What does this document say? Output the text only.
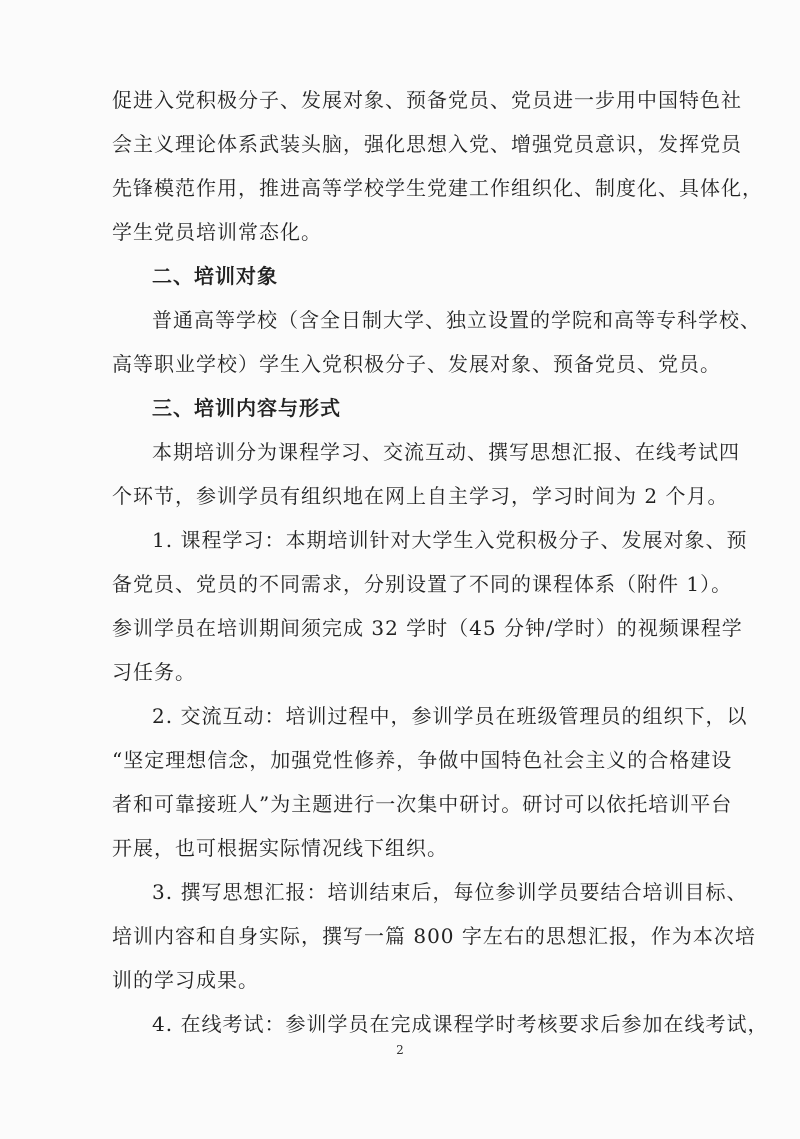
促进入党积极分子、发展对象、预备党员、党员进一步用中国特色社
会主义理论体系武装头脑，强化思想入党、增强党员意识，发挥党员
先锋模范作用，推进高等学校学生党建工作组织化、制度化、具体化，
学生党员培训常态化。
二、培训对象
普通高等学校（含全日制大学、独立设置的学院和高等专科学校、
高等职业学校）学生入党积极分子、发展对象、预备党员、党员。
三、培训内容与形式
本期培训分为课程学习、交流互动、撰写思想汇报、在线考试四
个环节，参训学员有组织地在网上自主学习，学习时间为 2 个月。
1. 课程学习：本期培训针对大学生入党积极分子、发展对象、预
备党员、党员的不同需求，分别设置了不同的课程体系（附件 1）。
参训学员在培训期间须完成 32 学时（45 分钟/学时）的视频课程学
习任务。
2. 交流互动：培训过程中，参训学员在班级管理员的组织下，以
“坚定理想信念，加强党性修养，争做中国特色社会主义的合格建设
者和可靠接班人”为主题进行一次集中研讨。研讨可以依托培训平台
开展，也可根据实际情况线下组织。
3. 撰写思想汇报：培训结束后，每位参训学员要结合培训目标、
培训内容和自身实际，撰写一篇 800 字左右的思想汇报，作为本次培
训的学习成果。
4. 在线考试：参训学员在完成课程学时考核要求后参加在线考试，
2
